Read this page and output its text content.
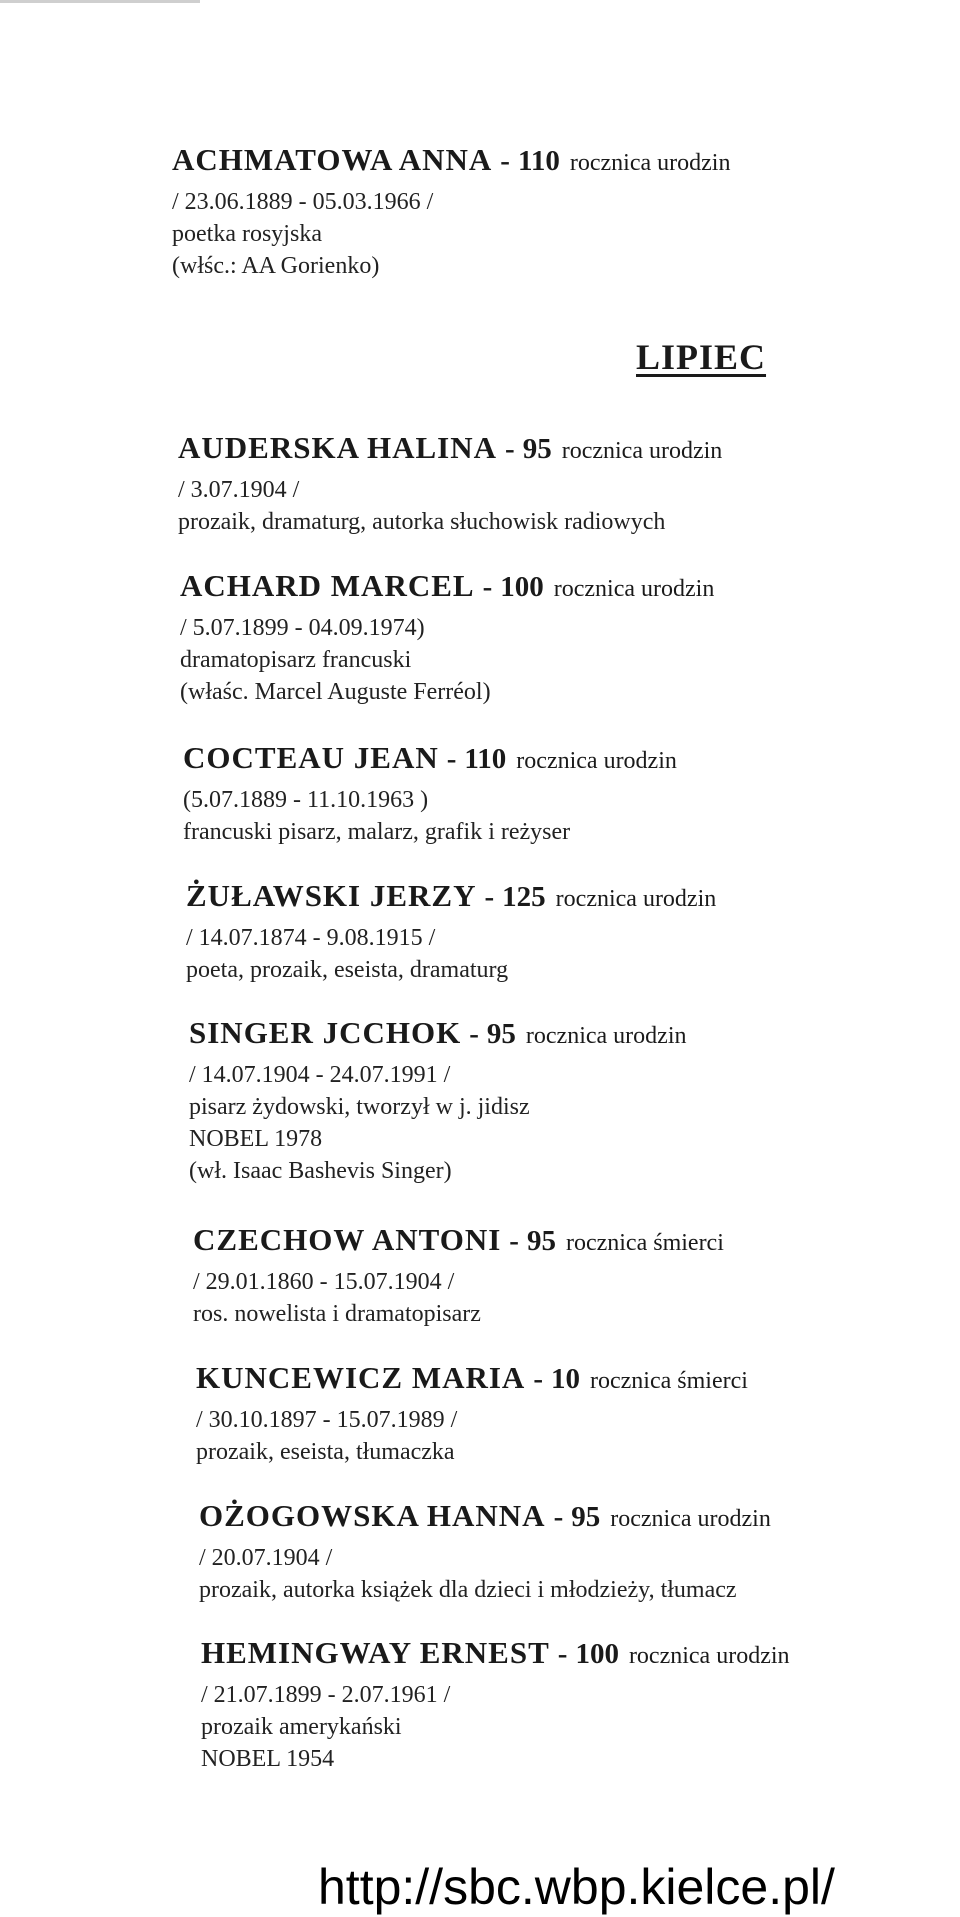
LIPIEC
ACHMATOWA ANNA - 110 rocznica urodzin
/ 23.06.1889 - 05.03.1966 /
poetka rosyjska
(włśc.: AA Gorienko)
AUDERSKA HALINA - 95 rocznica urodzin
/ 3.07.1904 /
prozaik, dramaturg, autorka słuchowisk radiowych
ACHARD MARCEL - 100 rocznica urodzin
/ 5.07.1899 - 04.09.1974)
dramatopisarz francuski
(właśc. Marcel Auguste Ferréol)
COCTEAU JEAN - 110 rocznica urodzin
(5.07.1889 - 11.10.1963 )
francuski pisarz, malarz, grafik i reżyser
ŻUŁAWSKI JERZY - 125 rocznica urodzin
/ 14.07.1874 - 9.08.1915 /
poeta, prozaik, eseista, dramaturg
SINGER JCCHOK - 95 rocznica urodzin
/ 14.07.1904 - 24.07.1991 /
pisarz żydowski, tworzył w j. jidisz
NOBEL 1978
(wł. Isaac Bashevis Singer)
CZECHOW ANTONI - 95 rocznica śmierci
/ 29.01.1860 - 15.07.1904 /
ros. nowelista i dramatopisarz
KUNCEWICZ MARIA - 10 rocznica śmierci
/ 30.10.1897 - 15.07.1989 /
prozaik, eseista, tłumaczka
OŻOGOWSKA HANNA - 95 rocznica urodzin
/ 20.07.1904 /
prozaik, autorka książek dla dzieci i młodzieży, tłumacz
HEMINGWAY ERNEST - 100 rocznica urodzin
/ 21.07.1899 - 2.07.1961 /
prozaik amerykański
NOBEL 1954
http://sbc.wbp.kielce.pl/
